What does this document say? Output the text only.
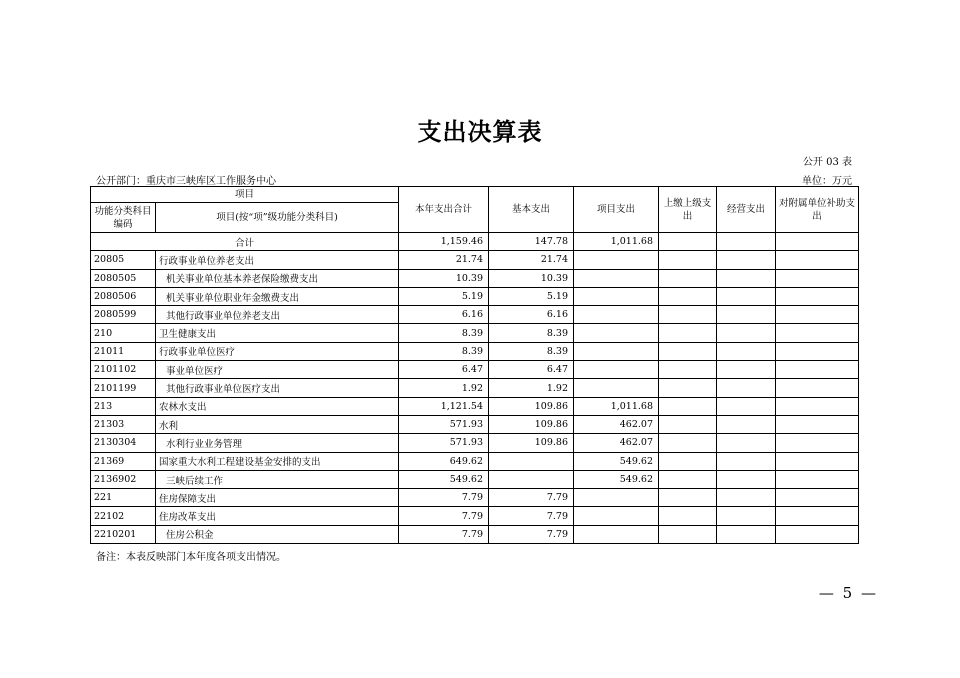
支出决算表
公开 03 表
公开部门：重庆市三峡库区工作服务中心	单位：万元
项目		本年支出合计	基本支出	项目支出	上缴上级支出	经营支出	对附属单位补助支出
功能分类科目编码	项目(按“项”级功能分类科目)						
合计		1,159.46	147.78	1,011.68			
20805	行政事业单位养老支出	21.74	21.74				
2080505	机关事业单位基本养老保险缴费支出	10.39	10.39				
2080506	机关事业单位职业年金缴费支出	5.19	5.19				
2080599	其他行政事业单位养老支出	6.16	6.16				
210	卫生健康支出	8.39	8.39				
21011	行政事业单位医疗	8.39	8.39				
2101102	事业单位医疗	6.47	6.47				
2101199	其他行政事业单位医疗支出	1.92	1.92				
213	农林水支出	1,121.54	109.86	1,011.68			
21303	水利	571.93	109.86	462.07			
2130304	水利行业业务管理	571.93	109.86	462.07			
21369	国家重大水利工程建设基金安排的支出	649.62		549.62			
2136902	三峡后续工作	549.62		549.62			
221	住房保障支出	7.79	7.79				
22102	住房改革支出	7.79	7.79				
2210201	住房公积金	7.79	7.79				
备注：本表反映部门本年度各项支出情况。
— 5 —
